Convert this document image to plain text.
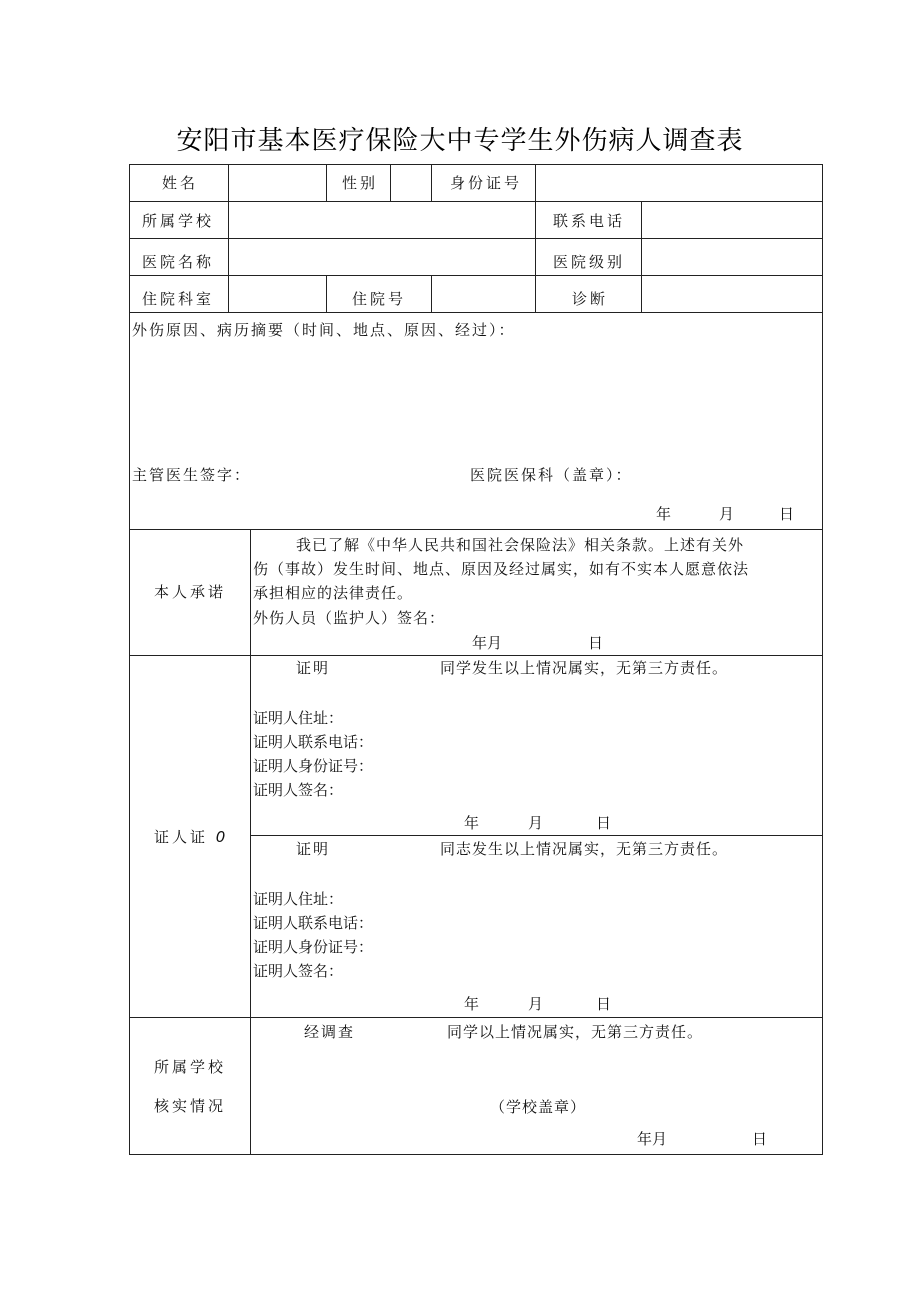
安阳市基本医疗保险大中专学生外伤病人调查表
姓名	性别	身份证号
所属学校	联系电话
医院名称	医院级别
住院科室	住院号	诊断
外伤原因、病历摘要（时间、地点、原因、经过）：
主管医生签字：	医院医保科（盖章）：
年	月	日
本人承诺
我已了解《中华人民共和国社会保险法》相关条款。上述有关外
伤（事故）发生时间、地点、原因及经过属实，如有不实本人愿意依法
承担相应的法律责任。
外伤人员（监护人）签名：
年月	日
证人证 0
证明	同学发生以上情况属实，无第三方责任。
证明人住址：
证明人联系电话：
证明人身份证号：
证明人签名：
年	月	日
证明	同志发生以上情况属实，无第三方责任。
证明人住址：
证明人联系电话：
证明人身份证号：
证明人签名：
年	月	日
所属学校
核实情况
经调查	同学以上情况属实，无第三方责任。
（学校盖章）
年月	日
